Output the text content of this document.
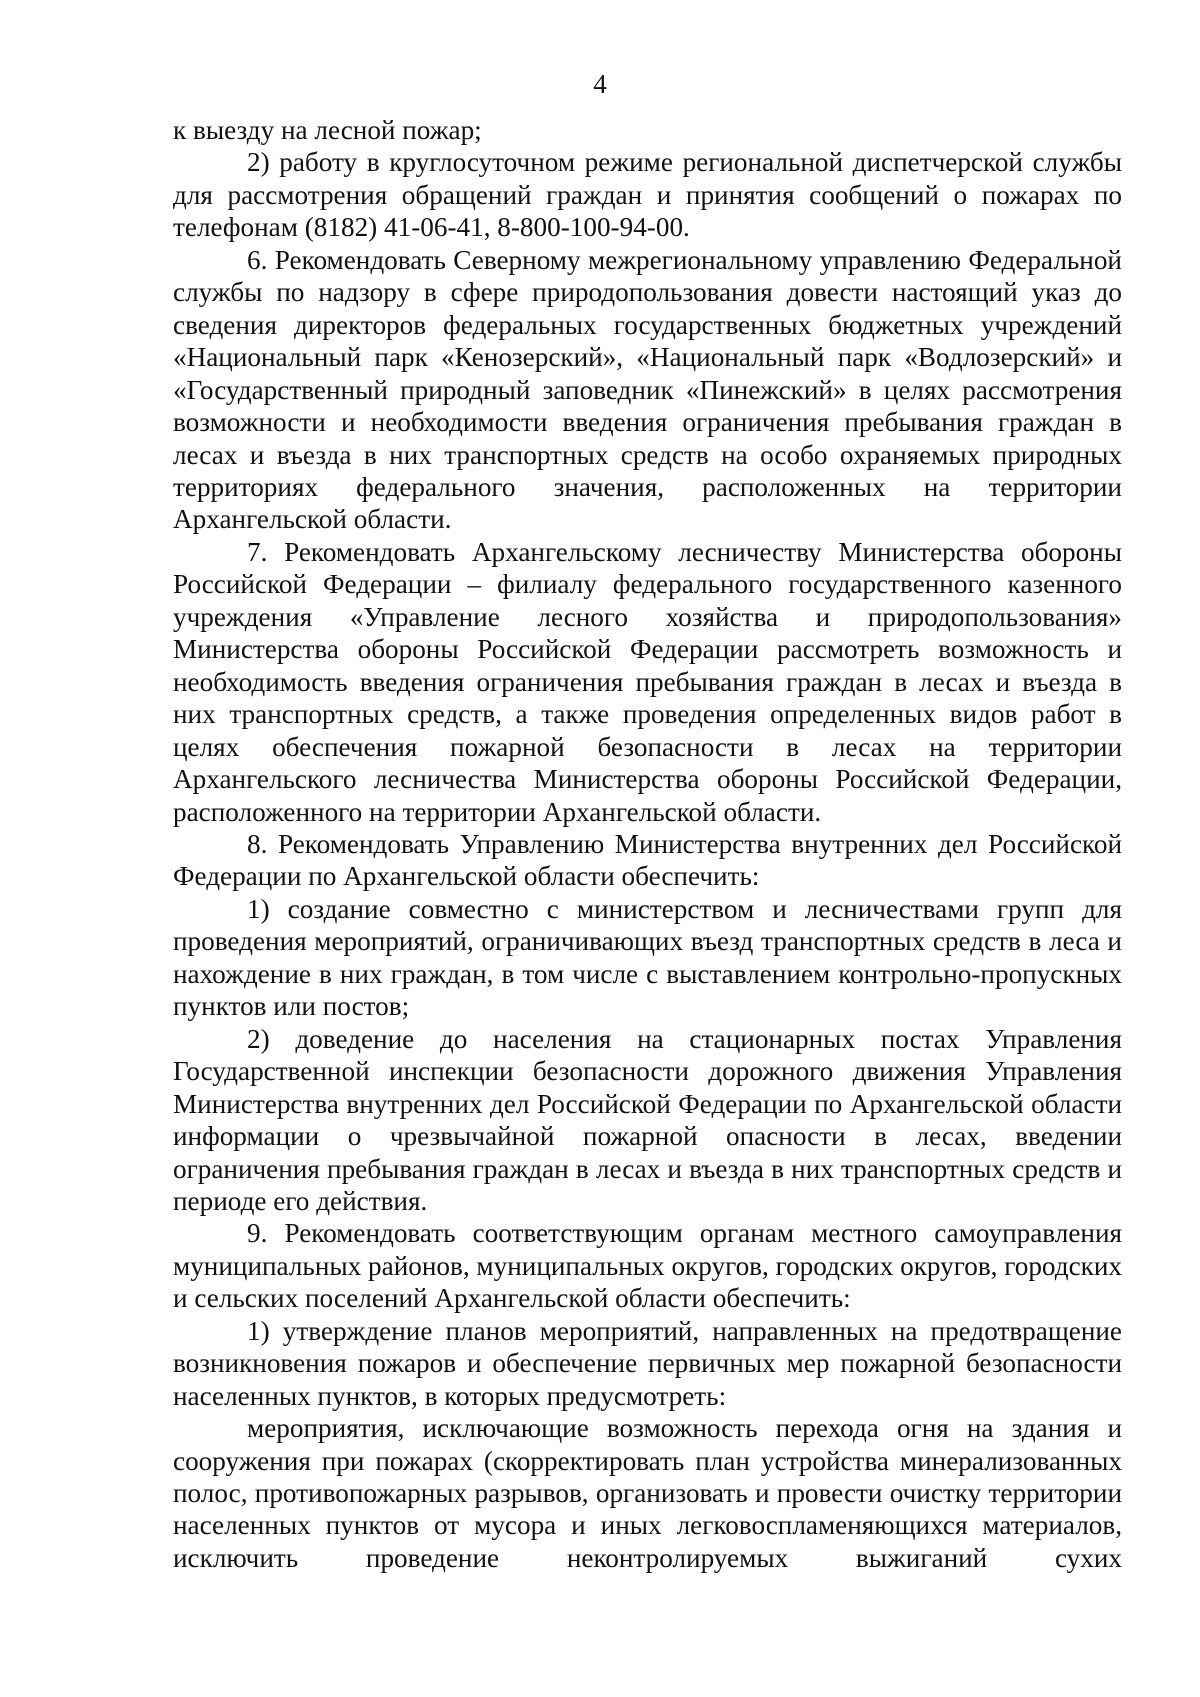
4

к выезду на лесной пожар;

2) работу в круглосуточном режиме региональной диспетчерской службы для рассмотрения обращений граждан и принятия сообщений о пожарах по телефонам (8182) 41-06-41, 8-800-100-94-00.

6. Рекомендовать Северному межрегиональному управлению Федеральной службы по надзору в сфере природопользования довести настоящий указ до сведения директоров федеральных государственных бюджетных учреждений «Национальный парк «Кенозерский», «Национальный парк «Водлозерский» и «Государственный природный заповедник «Пинежский» в целях рассмотрения возможности и необходимости введения ограничения пребывания граждан в лесах и въезда в них транспортных средств на особо охраняемых природных территориях федерального значения, расположенных на территории Архангельской области.

7. Рекомендовать Архангельскому лесничеству Министерства обороны Российской Федерации – филиалу федерального государственного казенного учреждения «Управление лесного хозяйства и природопользования» Министерства обороны Российской Федерации рассмотреть возможность и необходимость введения ограничения пребывания граждан в лесах и въезда в них транспортных средств, а также проведения определенных видов работ в целях обеспечения пожарной безопасности в лесах на территории Архангельского лесничества Министерства обороны Российской Федерации, расположенного на территории Архангельской области.

8. Рекомендовать Управлению Министерства внутренних дел Российской Федерации по Архангельской области обеспечить:

1) создание совместно с министерством и лесничествами групп для проведения мероприятий, ограничивающих въезд транспортных средств в леса и нахождение в них граждан, в том числе с выставлением контрольно-пропускных пунктов или постов;

2) доведение до населения на стационарных постах Управления Государственной инспекции безопасности дорожного движения Управления Министерства внутренних дел Российской Федерации по Архангельской области информации о чрезвычайной пожарной опасности в лесах, введении ограничения пребывания граждан в лесах и въезда в них транспортных средств и периоде его действия.

9. Рекомендовать соответствующим органам местного самоуправления муниципальных районов, муниципальных округов, городских округов, городских и сельских поселений Архангельской области обеспечить:

1) утверждение планов мероприятий, направленных на предотвращение возникновения пожаров и обеспечение первичных мер пожарной безопасности населенных пунктов, в которых предусмотреть:

мероприятия, исключающие возможность перехода огня на здания и сооружения при пожарах (скорректировать план устройства минерализованных полос, противопожарных разрывов, организовать и провести очистку территории населенных пунктов от мусора и иных легковоспламеняющихся материалов, исключить проведение неконтролируемых выжиганий сухих
